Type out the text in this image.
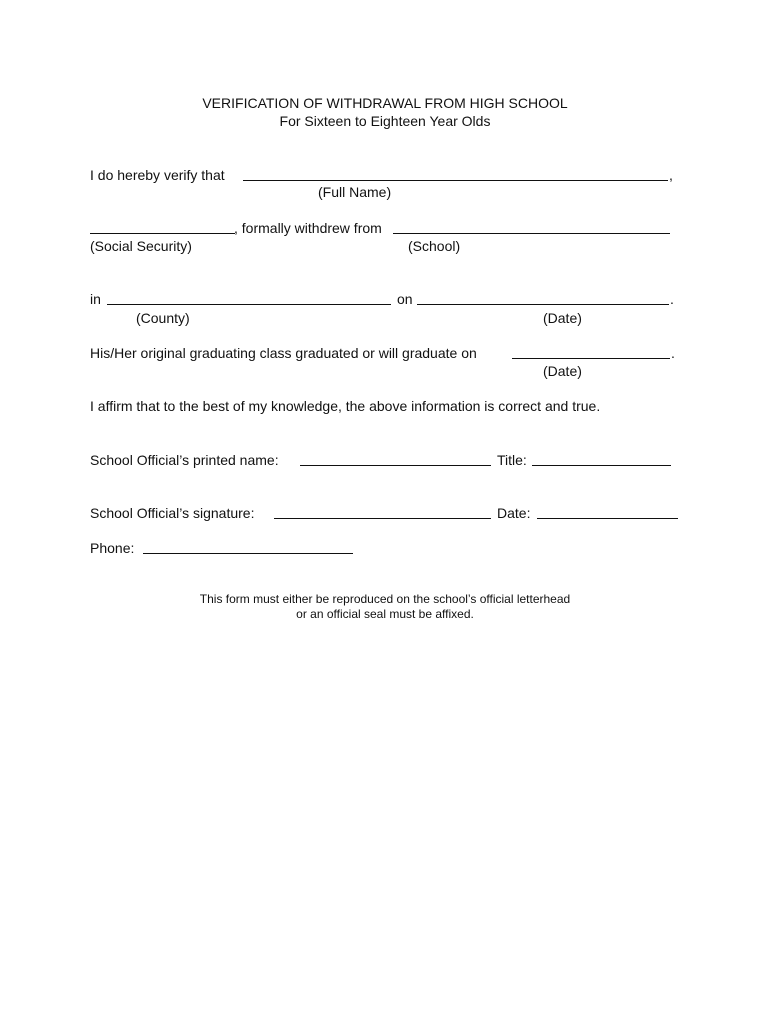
VERIFICATION OF WITHDRAWAL FROM HIGH SCHOOL
For Sixteen to Eighteen Year Olds
I do hereby verify that	,
(Full Name)
, formally withdrew from
(Social Security)	(School)
in	on	.
(County)	(Date)
His/Her original graduating class graduated or will graduate on	.
(Date)
I affirm that to the best of my knowledge, the above information is correct and true.
School Official’s printed name:	Title:
School Official’s signature:	Date:
Phone:
This form must either be reproduced on the school’s official letterhead
or an official seal must be affixed.
